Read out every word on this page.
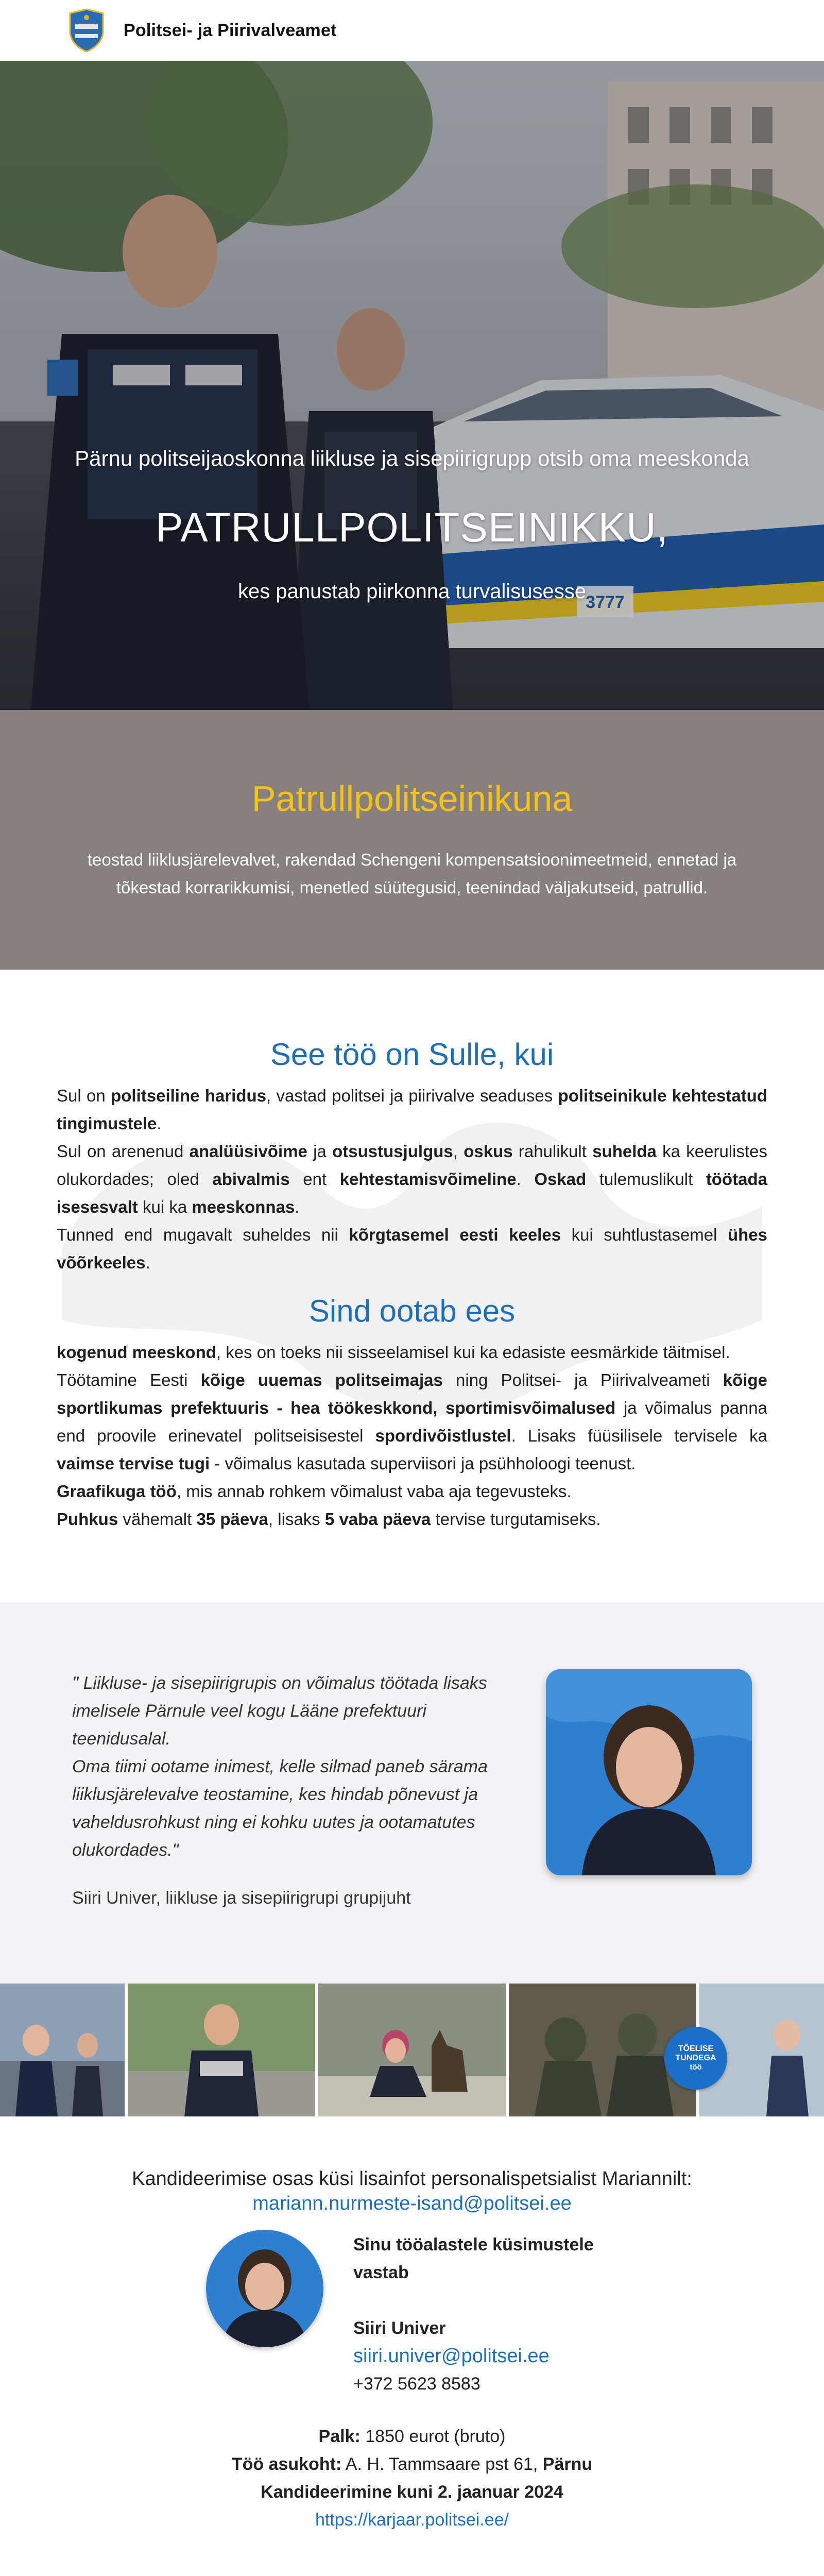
Politsei- ja Piirivalveamet
3777
Pärnu politseijaoskonna liikluse ja sisepiirigrupp otsib oma meeskonda
PATRULLPOLITSEINIKKU,
kes panustab piirkonna turvalisusesse
Patrullpolitseinikuna
teostad liiklusjärelevalvet, rakendad Schengeni kompensatsioonimeetmeid, ennetad ja tõkestad korrarikkumisi, menetled süütegusid, teenindad väljakutseid, patrullid.
See töö on Sulle, kui

Sul on politseiline haridus, vastad politsei ja piirivalve seaduses politseinikule kehtestatud tingimustele.

Sul on arenenud analüüsivõime ja otsustusjulgus, oskus rahulikult suhelda ka keerulistes olukordades; oled abivalmis ent kehtestamisvõimeline. Oskad tulemuslikult töötada isesesvalt kui ka meeskonnas.

Tunned end mugavalt suheldes nii kõrgtasemel eesti keeles kui suhtlustasemel ühes võõrkeeles.

Sind ootab ees

kogenud meeskond, kes on toeks nii sisseelamisel kui ka edasiste eesmärkide täitmisel.

Töötamine Eesti kõige uuemas politseimajas ning Politsei- ja Piirivalveameti kõige sportlikumas prefektuuris - hea töökeskkond, sportimisvõimalused ja võimalus panna end proovile erinevatel politseisisestel spordivõistlustel. Lisaks füüsilisele tervisele ka vaimse tervise tugi - võimalus kasutada superviisori ja psühholoogi teenust.

Graafikuga töö, mis annab rohkem võimalust vaba aja tegevusteks.

Puhkus vähemalt 35 päeva, lisaks 5 vaba päeva tervise turgutamiseks.

" Liikluse- ja sisepiirigrupis on võimalus töötada lisaks imelisele Pärnule veel kogu Lääne prefektuuri teenidusalal.
Oma tiimi ootame inimest, kelle silmad paneb särama liiklusjärelevalve teostamine, kes hindab põnevust ja vaheldusrohkust ning ei kohku uutes ja ootamatutes olukordades."
Siiri Univer, liikluse ja sisepiirigrupi grupijuht
TÕELISE
TUNDEGA
töö
Kandideerimise osas küsi lisainfot personalispetsialist Mariannilt:
mariann.nurmeste-isand@politsei.ee
Sinu tööalastele küsimustele
vastab
Siiri Univer
siiri.univer@politsei.ee
+372 5623 8583
Palk: 1850 eurot (bruto)
Töö asukoht: A. H. Tammsaare pst 61, Pärnu
Kandideerimine kuni 2. jaanuar 2024
https://karjaar.politsei.ee/
